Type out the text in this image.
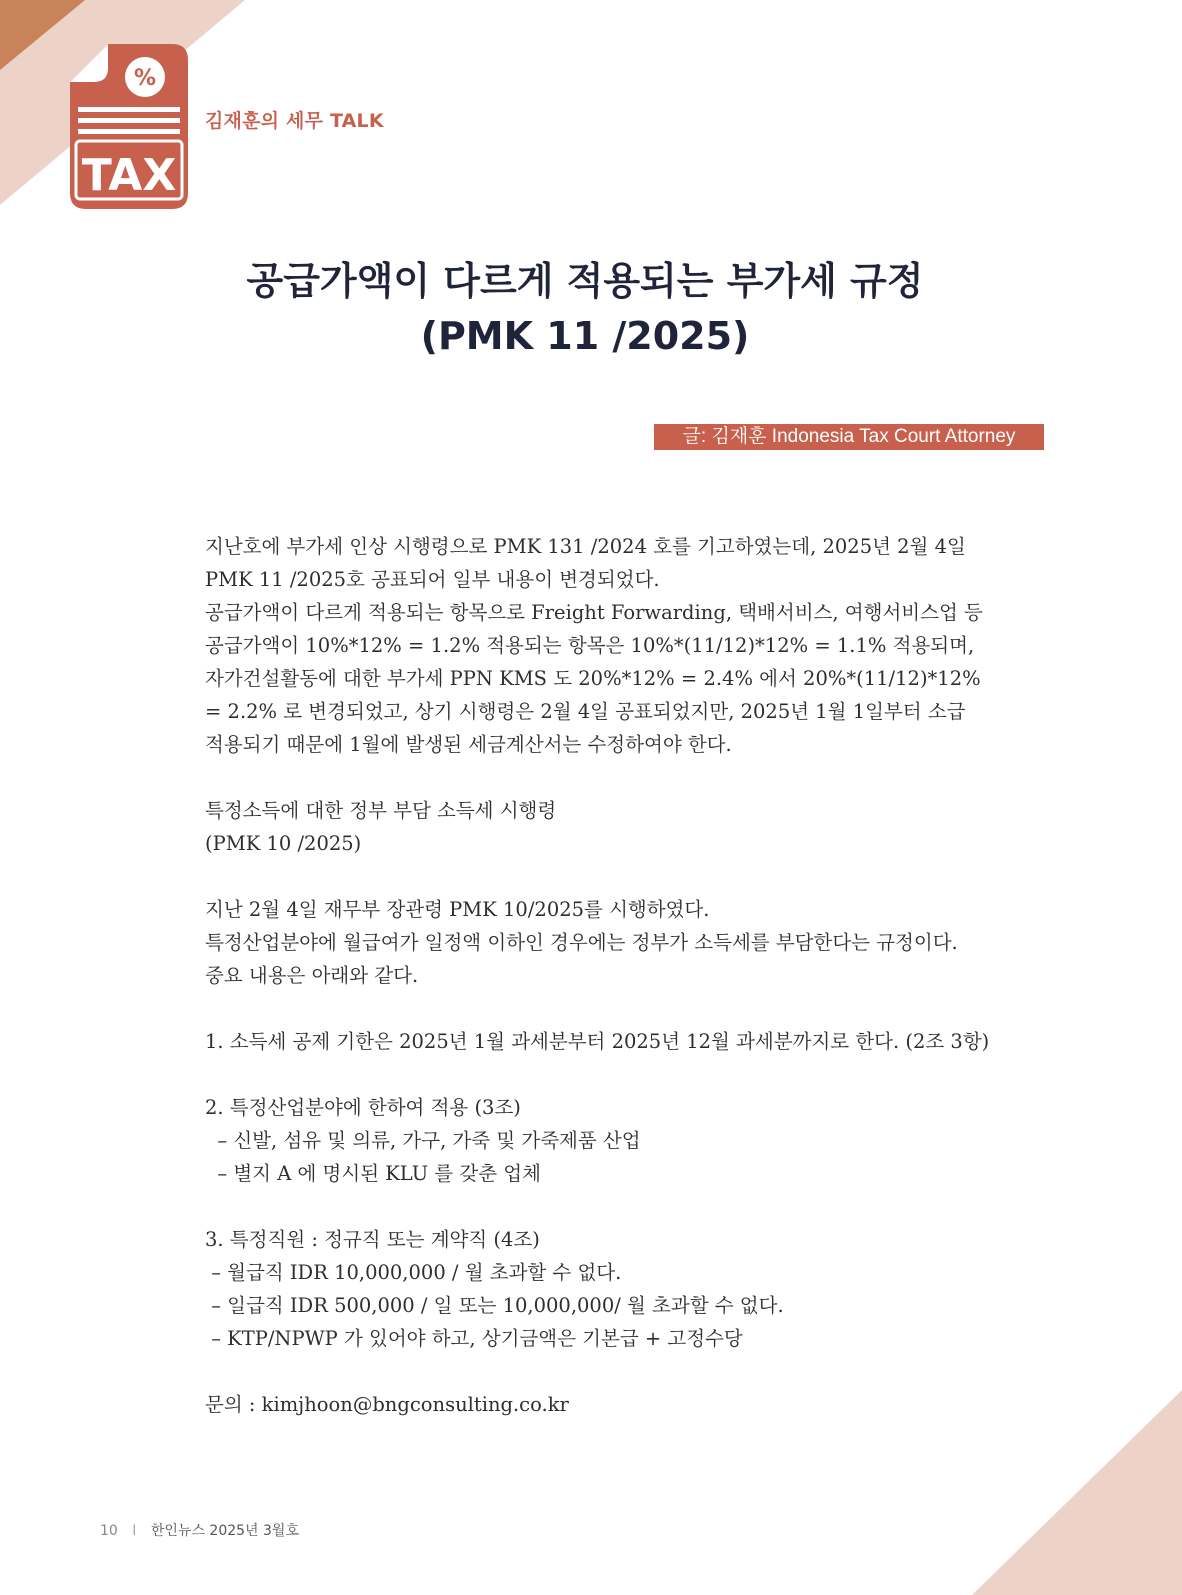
%
TAX
김재훈의 세무 TALK
공급가액이 다르게 적용되는 부가세 규정
(PMK 11 /2025)
글: 김재훈 Indonesia Tax Court Attorney
지난호에 부가세 인상 시행령으로 PMK 131 /2024 호를 기고하였는데, 2025년 2월 4일
PMK 11 /2025호 공표되어 일부 내용이 변경되었다.
공급가액이 다르게 적용되는 항목으로 Freight Forwarding, 택배서비스, 여행서비스업 등
공급가액이 10%*12% = 1.2% 적용되는 항목은 10%*(11/12)*12% = 1.1% 적용되며,
자가건설활동에 대한 부가세 PPN KMS 도 20%*12% = 2.4% 에서 20%*(11/12)*12%
= 2.2% 로 변경되었고, 상기 시행령은 2월 4일 공표되었지만, 2025년 1월 1일부터 소급
적용되기 때문에 1월에 발생된 세금계산서는 수정하여야 한다.
특정소득에 대한 정부 부담 소득세 시행령
(PMK 10 /2025)
지난 2월 4일 재무부 장관령 PMK 10/2025를 시행하였다.
특정산업분야에 월급여가 일정액 이하인 경우에는 정부가 소득세를 부담한다는 규정이다.
중요 내용은 아래와 같다.
1. 소득세 공제 기한은 2025년 1월 과세분부터 2025년 12월 과세분까지로 한다. (2조 3항)
2. 특정산업분야에 한하여 적용 (3조)
– 신발, 섬유 및 의류, 가구, 가죽 및 가죽제품 산업
– 별지 A 에 명시된 KLU 를 갖춘 업체
3. 특정직원 : 정규직 또는 계약직 (4조)
– 월급직 IDR 10,000,000 / 월 초과할 수 없다.
– 일급직 IDR 500,000 / 일 또는 10,000,000/ 월 초과할 수 없다.
– KTP/NPWP 가 있어야 하고, 상기금액은 기본급 + 고정수당
문의 : kimjhoon@bngconsulting.co.kr
10 I 한인뉴스 2025년 3월호
